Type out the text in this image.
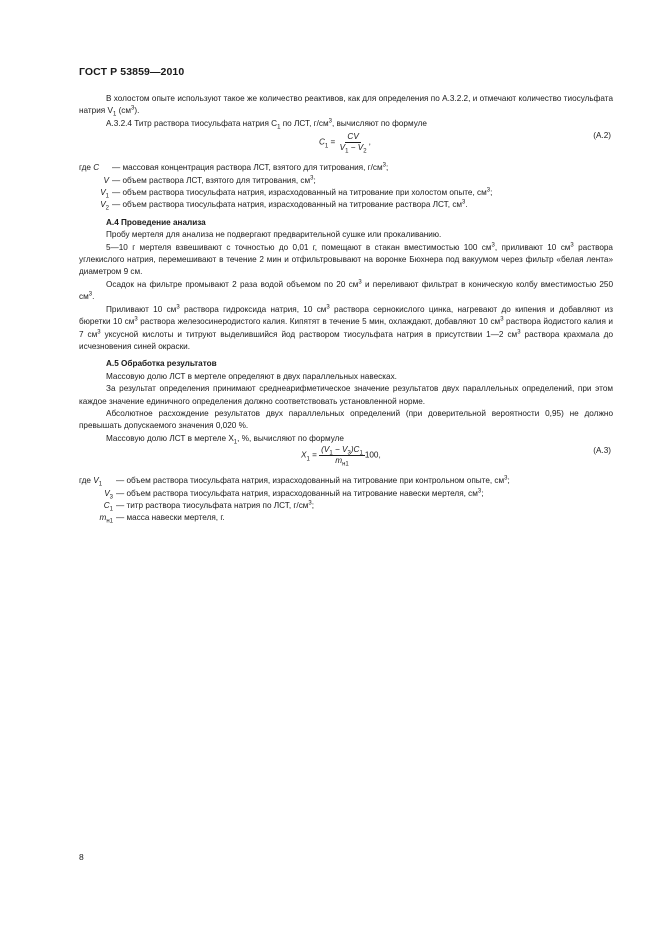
ГОСТ Р 53859—2010

В холостом опыте используют такое же количество реактивов, как для определения по А.3.2.2, и отмечают количество тиосульфата натрия $V_1$ $(см^3)$.

А.3.2.4 Титр раствора тиосульфата натрия $C_1$ по ЛСТ, $г/см^3$, вычисляют по формуле

$C_1 = \frac{CV}{V_1 - V_2}$ ,
(А.2)
где C	— массовая концентрация раствора ЛСТ, взятого для титрования, $г/см^3$;
V — объем раствора ЛСТ, взятого для титрования, $см^3$;
$V_1$ — объем раствора тиосульфата натрия, израсходованный на титрование при холостом опыте, $см^3$;
$V_2$ — объем раствора тиосульфата натрия, израсходованный на титрование раствора ЛСТ, $см^3$.

А.4 Проведение анализа

Пробу мертеля для анализа не подвергают предварительной сушке или прокаливанию.

5—10 г мертеля взвешивают с точностью до 0,01 г, помещают в стакан вместимостью 100 $см^3$, приливают 10 $см^3$ раствора углекислого натрия, перемешивают в течение 2 мин и отфильтровывают на воронке Бюхнера под вакуумом через фильтр «белая лента» диаметром 9 см.

Осадок на фильтре промывают 2 раза водой объемом по 20 $см^3$ и переливают фильтрат в коническую колбу вместимостью 250 $см^3$.

Приливают 10 $см^3$ раствора гидроксида натрия, 10 $см^3$ раствора сернокислого цинка, нагревают до кипения и добавляют из бюретки 10 $см^3$ раствора железосинеродистого калия. Кипятят в течение 5 мин, охлаждают, добавляют 10 $см^3$ раствора йодистого калия и 7 $см^3$ уксусной кислоты и титруют выделившийся йод раствором тиосульфата натрия в присутствии 1—2 $см^3$ раствора крахмала до исчезновения синей окраски.

А.5 Обработка результатов

Массовую долю ЛСТ в мертеле определяют в двух параллельных навесках.

За результат определения принимают среднеарифметическое значение результатов двух параллельных определений, при этом каждое значение единичного определения должно соответствовать установленной норме.

Абсолютное расхождение результатов двух параллельных определений (при доверительной вероятности 0,95) не должно превышать допускаемого значения 0,020 %.

Массовую долю ЛСТ в мертеле $X_1$, %, вычисляют по формуле

$X_1 = \frac{(V_1 - V_3)C_1}{m_{н1}} 100$,
(А.3)
где $V_1$	— объем раствора тиосульфата натрия, израсходованный на титрование при контрольном опыте, $см^3$;
$V_3$ — объем раствора тиосульфата натрия, израсходованный на титрование навески мертеля, $см^3$;
$C_1$ — титр раствора тиосульфата натрия по ЛСТ, $г/см^3$;
$m_{н1}$ — масса навески мертеля, г.
8
